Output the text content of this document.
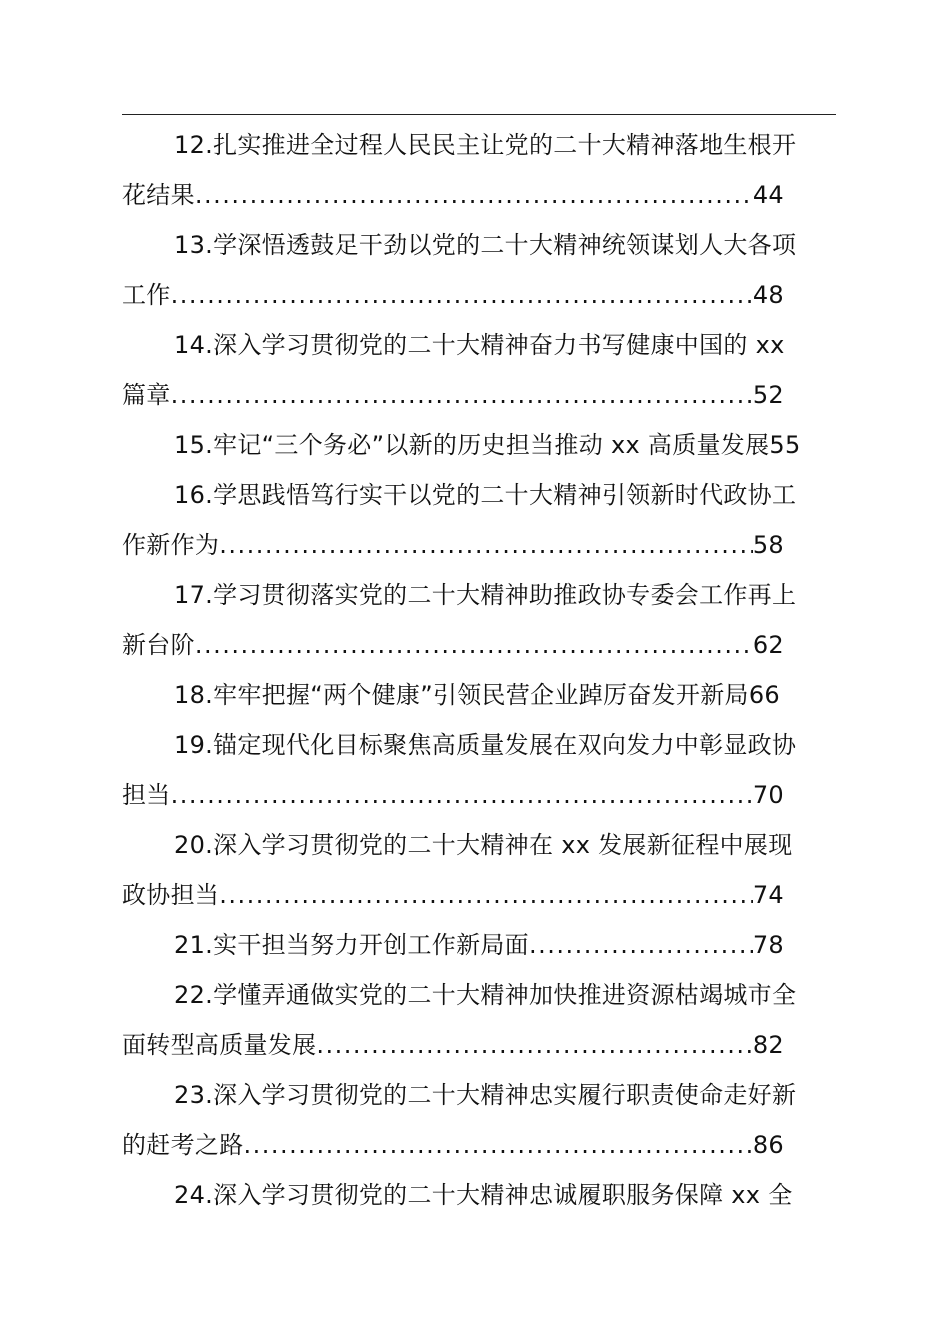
12.扎实推进全过程人民民主让党的二十大精神落地生根开
花结果 .....	44
13.学深悟透鼓足干劲以党的二十大精神统领谋划人大各项
工作 .....	48
14.深入学习贯彻党的二十大精神奋力书写健康中国的 xx
篇章 .....	52
15.牢记“三个务必”以新的历史担当推动 xx 高质量发展55
16.学思践悟笃行实干以党的二十大精神引领新时代政协工
作新作为 .....	58
17.学习贯彻落实党的二十大精神助推政协专委会工作再上
新台阶 .....	62
18.牢牢把握“两个健康”引领民营企业踔厉奋发开新局66
19.锚定现代化目标聚焦高质量发展在双向发力中彰显政协
担当 .....	70
20.深入学习贯彻党的二十大精神在 xx 发展新征程中展现
政协担当 .....	74
21.实干担当努力开创工作新局面 .....	78
22.学懂弄通做实党的二十大精神加快推进资源枯竭城市全
面转型高质量发展 .....	82
23.深入学习贯彻党的二十大精神忠实履行职责使命走好新
的赶考之路 .....	86
24.深入学习贯彻党的二十大精神忠诚履职服务保障 xx 全
